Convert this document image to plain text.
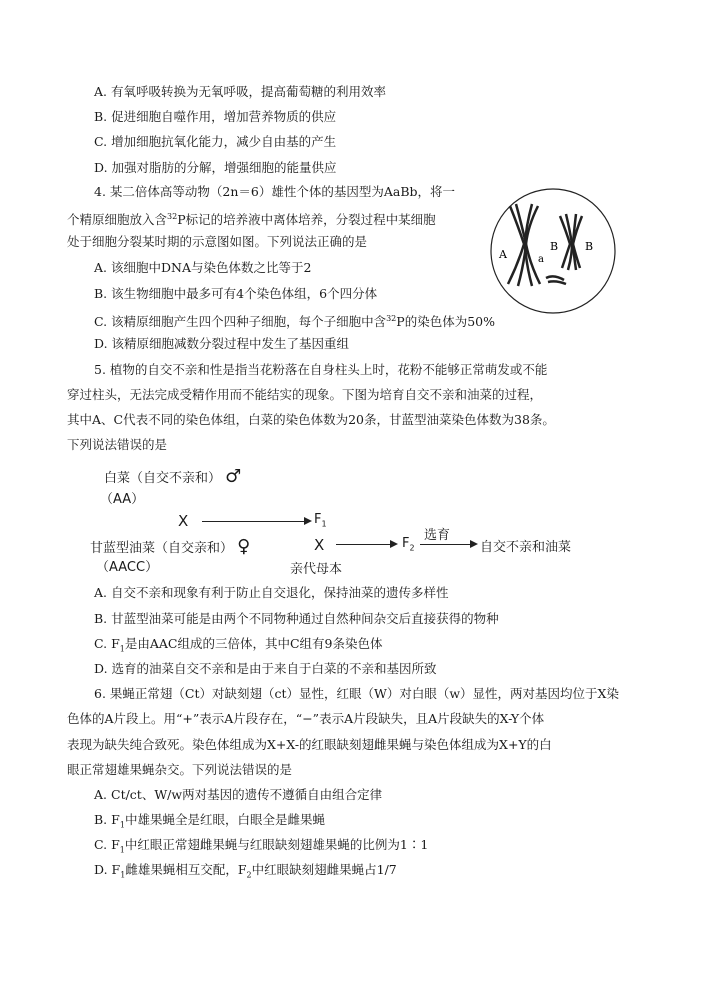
A. 有氧呼吸转换为无氧呼吸，提高葡萄糖的利用效率
B. 促进细胞自噬作用，增加营养物质的供应
C. 增加细胞抗氧化能力，减少自由基的产生
D. 加强对脂肪的分解，增强细胞的能量供应
4. 某二倍体高等动物（2n＝6）雄性个体的基因型为AaBb，将一
个精原细胞放入含$^{32}$P标记的培养液中离体培养，分裂过程中某细胞
处于细胞分裂某时期的示意图如图。下列说法正确的是
A. 该细胞中DNA与染色体数之比等于2
B. 该生物细胞中最多可有4个染色体组，6个四分体
C. 该精原细胞产生四个四种子细胞，每个子细胞中含$^{32}$P的染色体为50%
D. 该精原细胞减数分裂过程中发生了基因重组
A	a
B B
5. 植物的自交不亲和性是指当花粉落在自身柱头上时，花粉不能够正常萌发或不能
穿过柱头，无法完成受精作用而不能结实的现象。下图为培育自交不亲和油菜的过程，
其中A、C代表不同的染色体组，白菜的染色体数为20条，甘蓝型油菜染色体数为38条。
下列说法错误的是
白菜（自交不亲和） ♂
（AA）
X	$F_1$
甘蓝型油菜（自交亲和） ♀
（AACC）
X	$F_2$
选育
自交不亲和油菜
亲代母本
A. 自交不亲和现象有利于防止自交退化，保持油菜的遗传多样性
B. 甘蓝型油菜可能是由两个不同物种通过自然种间杂交后直接获得的物种
C. $F_1$是由AAC组成的三倍体，其中C组有9条染色体
D. 选育的油菜自交不亲和是由于来自于白菜的不亲和基因所致
6. 果蝇正常翅（Ct）对缺刻翅（ct）显性，红眼（W）对白眼（w）显性，两对基因均位于X染
色体的A片段上。用“+”表示A片段存在，“−”表示A片段缺失，且A片段缺失的X-Y个体
表现为缺失纯合致死。染色体组成为X+X-的红眼缺刻翅雌果蝇与染色体组成为X+Y的白
眼正常翅雄果蝇杂交。下列说法错误的是
A. Ct/ct、W/w两对基因的遗传不遵循自由组合定律
B. $F_1$中雄果蝇全是红眼，白眼全是雌果蝇
C. $F_1$中红眼正常翅雌果蝇与红眼缺刻翅雄果蝇的比例为1∶1
D. $F_1$雌雄果蝇相互交配，$F_2$中红眼缺刻翅雌果蝇占1/7
